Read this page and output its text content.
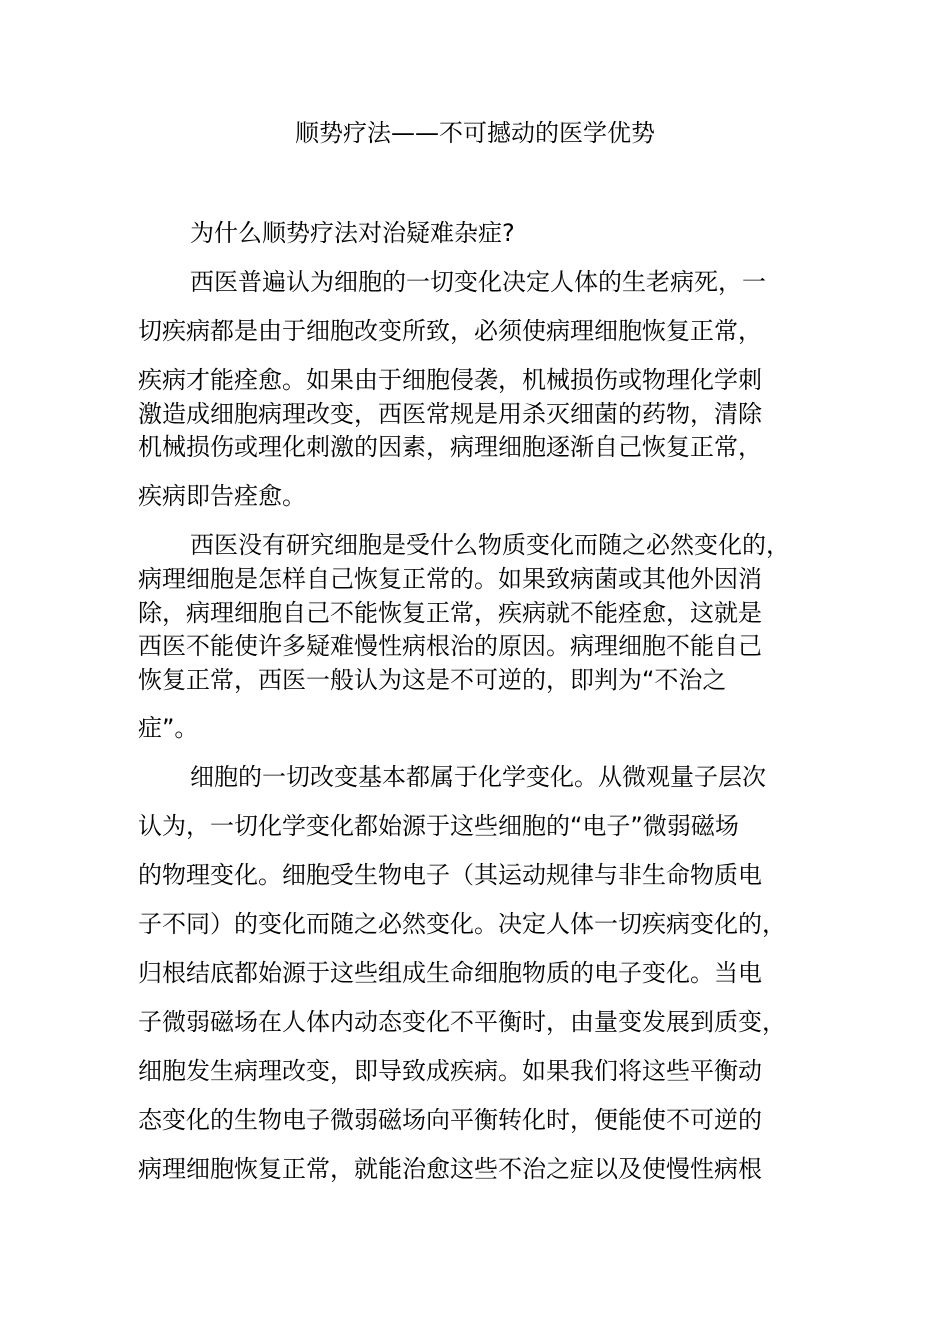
顺势疗法——不可撼动的医学优势

为什么顺势疗法对治疑难杂症?

西医普遍认为细胞的一切变化决定人体的生老病死，一

切疾病都是由于细胞改变所致，必须使病理细胞恢复正常，

疾病才能痊愈。如果由于细胞侵袭，机械损伤或物理化学刺

激造成细胞病理改变，西医常规是用杀灭细菌的药物，清除

机械损伤或理化刺激的因素，病理细胞逐渐自己恢复正常，

疾病即告痊愈。

西医没有研究细胞是受什么物质变化而随之必然变化的，

病理细胞是怎样自己恢复正常的。如果致病菌或其他外因消

除，病理细胞自己不能恢复正常，疾病就不能痊愈，这就是

西医不能使许多疑难慢性病根治的原因。病理细胞不能自己

恢复正常，西医一般认为这是不可逆的，即判为“不治之

症”。

细胞的一切改变基本都属于化学变化。从微观量子层次

认为，一切化学变化都始源于这些细胞的“电子”微弱磁场

的物理变化。细胞受生物电子（其运动规律与非生命物质电

子不同）的变化而随之必然变化。决定人体一切疾病变化的，

归根结底都始源于这些组成生命细胞物质的电子变化。当电

子微弱磁场在人体内动态变化不平衡时，由量变发展到质变，

细胞发生病理改变，即导致成疾病。如果我们将这些平衡动

态变化的生物电子微弱磁场向平衡转化时，便能使不可逆的

病理细胞恢复正常，就能治愈这些不治之症以及使慢性病根
